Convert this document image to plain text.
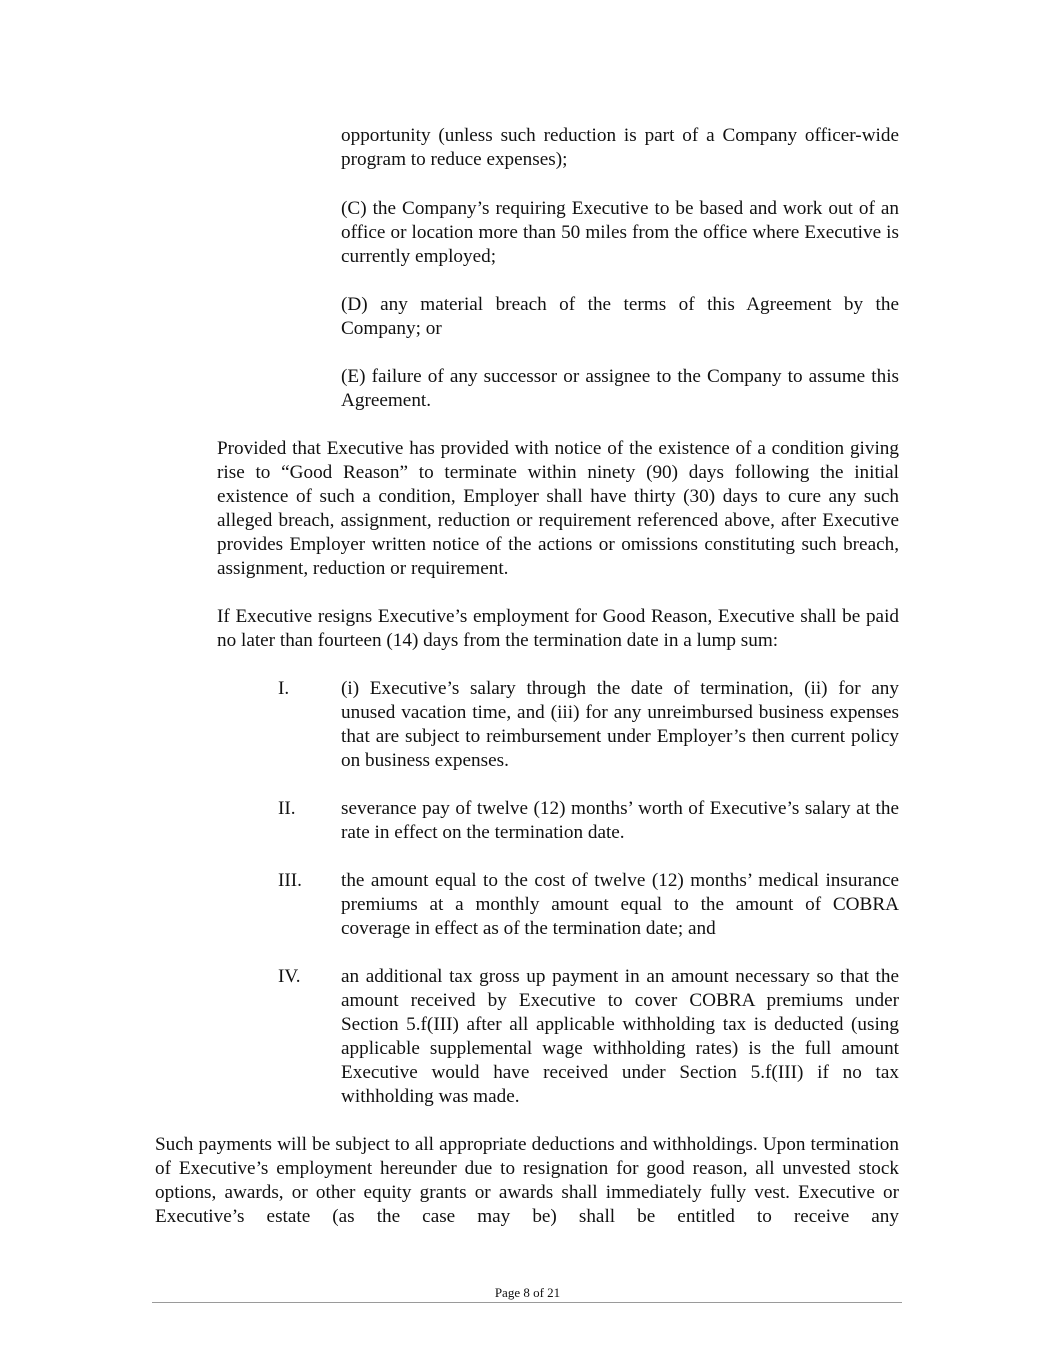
opportunity (unless such reduction is part of a Company officer-wide program to reduce expenses);

(C) the Company’s requiring Executive to be based and work out of an office or location more than 50 miles from the office where Executive is currently employed;

(D) any material breach of the terms of this Agreement by the Company; or

(E) failure of any successor or assignee to the Company to assume this Agreement.

Provided that Executive has provided with notice of the existence of a condition giving rise to “Good Reason” to terminate within ninety (90) days following the initial existence of such a condition, Employer shall have thirty (30) days to cure any such alleged breach, assignment, reduction or requirement referenced above, after Executive provides Employer written notice of the actions or omissions constituting such breach, assignment, reduction or requirement.

If Executive resigns Executive’s employment for Good Reason, Executive shall be paid no later than fourteen (14) days from the termination date in a lump sum:

I.	(i) Executive’s salary through the date of termination, (ii) for any unused vacation time, and (iii) for any unreimbursed business expenses that are subject to reimbursement under Employer’s then current policy on business expenses.

II. severance pay of twelve (12) months’ worth of Executive’s salary at the rate in effect on the termination date.

III. the amount equal to the cost of twelve (12) months’ medical insurance premiums at a monthly amount equal to the amount of COBRA coverage in effect as of the termination date; and

IV. an additional tax gross up payment in an amount necessary so that the amount received by Executive to cover COBRA premiums under Section 5.f(III) after all applicable withholding tax is deducted (using applicable supplemental wage withholding rates) is the full amount Executive would have received under Section 5.f(III) if no tax withholding was made.

Such payments will be subject to all appropriate deductions and withholdings. Upon termination of Executive’s employment hereunder due to resignation for good reason, all unvested stock options, awards, or other equity grants or awards shall immediately fully vest. Executive or Executive’s estate (as the case may be) shall be entitled to receive any

Page 8 of 21
